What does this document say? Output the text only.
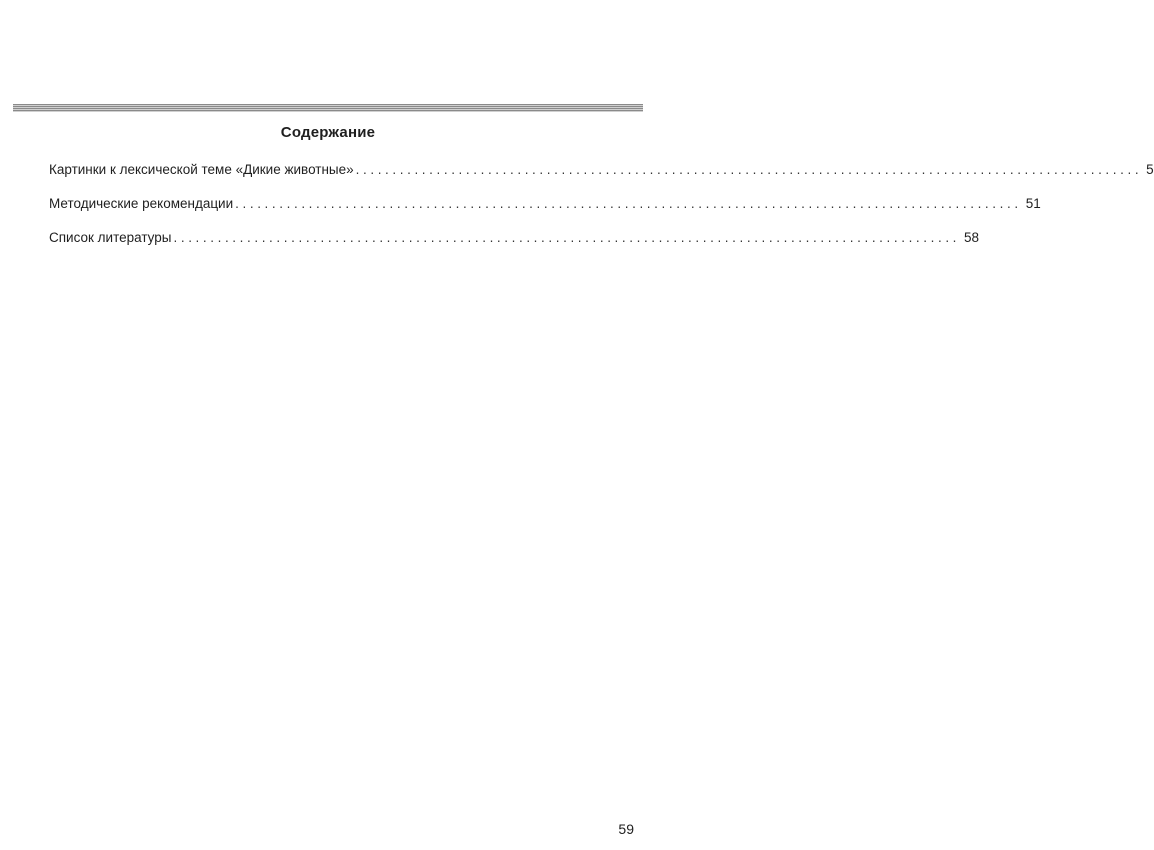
Содержание
Картинки к лексической теме «Дикие животные» ........................................................................................................... 5
Методические рекомендации ........................................................................................................... 51
Список литературы ........................................................................................................... 58
59
